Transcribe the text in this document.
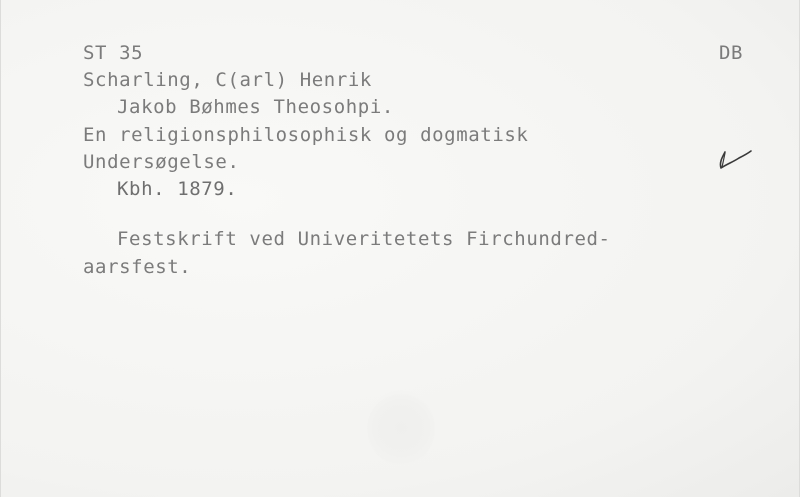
ST 35	DB
Scharling, C(arl) Henrik
Jakob Bøhmes Theosohpi.
En religionsphilosophisk og dogmatisk
Undersøgelse.
Kbh. 1879.
Festskrift ved Univeritetets Firchundred-
aarsfest.
